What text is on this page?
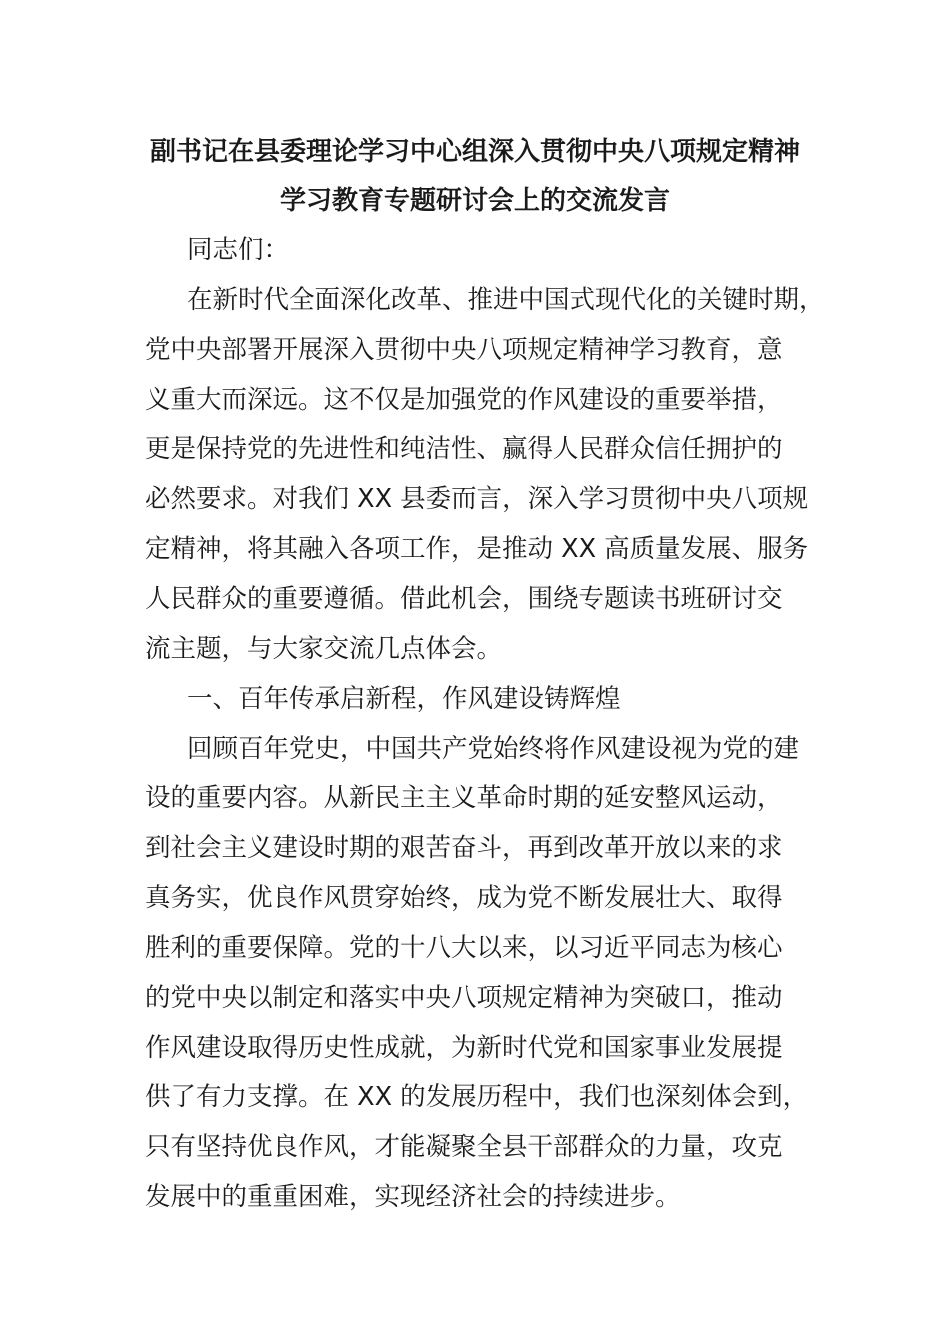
副书记在县委理论学习中心组深入贯彻中央八项规定精神
学习教育专题研讨会上的交流发言
同志们：
在新时代全面深化改革、推进中国式现代化的关键时期，
党中央部署开展深入贯彻中央八项规定精神学习教育，意
义重大而深远。这不仅是加强党的作风建设的重要举措，
更是保持党的先进性和纯洁性、赢得人民群众信任拥护的
必然要求。对我们 XX 县委而言，深入学习贯彻中央八项规
定精神，将其融入各项工作，是推动 XX 高质量发展、服务
人民群众的重要遵循。借此机会，围绕专题读书班研讨交
流主题，与大家交流几点体会。
一、百年传承启新程，作风建设铸辉煌
回顾百年党史，中国共产党始终将作风建设视为党的建
设的重要内容。从新民主主义革命时期的延安整风运动，
到社会主义建设时期的艰苦奋斗，再到改革开放以来的求
真务实，优良作风贯穿始终，成为党不断发展壮大、取得
胜利的重要保障。党的十八大以来，以习近平同志为核心
的党中央以制定和落实中央八项规定精神为突破口，推动
作风建设取得历史性成就，为新时代党和国家事业发展提
供了有力支撑。在 XX 的发展历程中，我们也深刻体会到，
只有坚持优良作风，才能凝聚全县干部群众的力量，攻克
发展中的重重困难，实现经济社会的持续进步。
